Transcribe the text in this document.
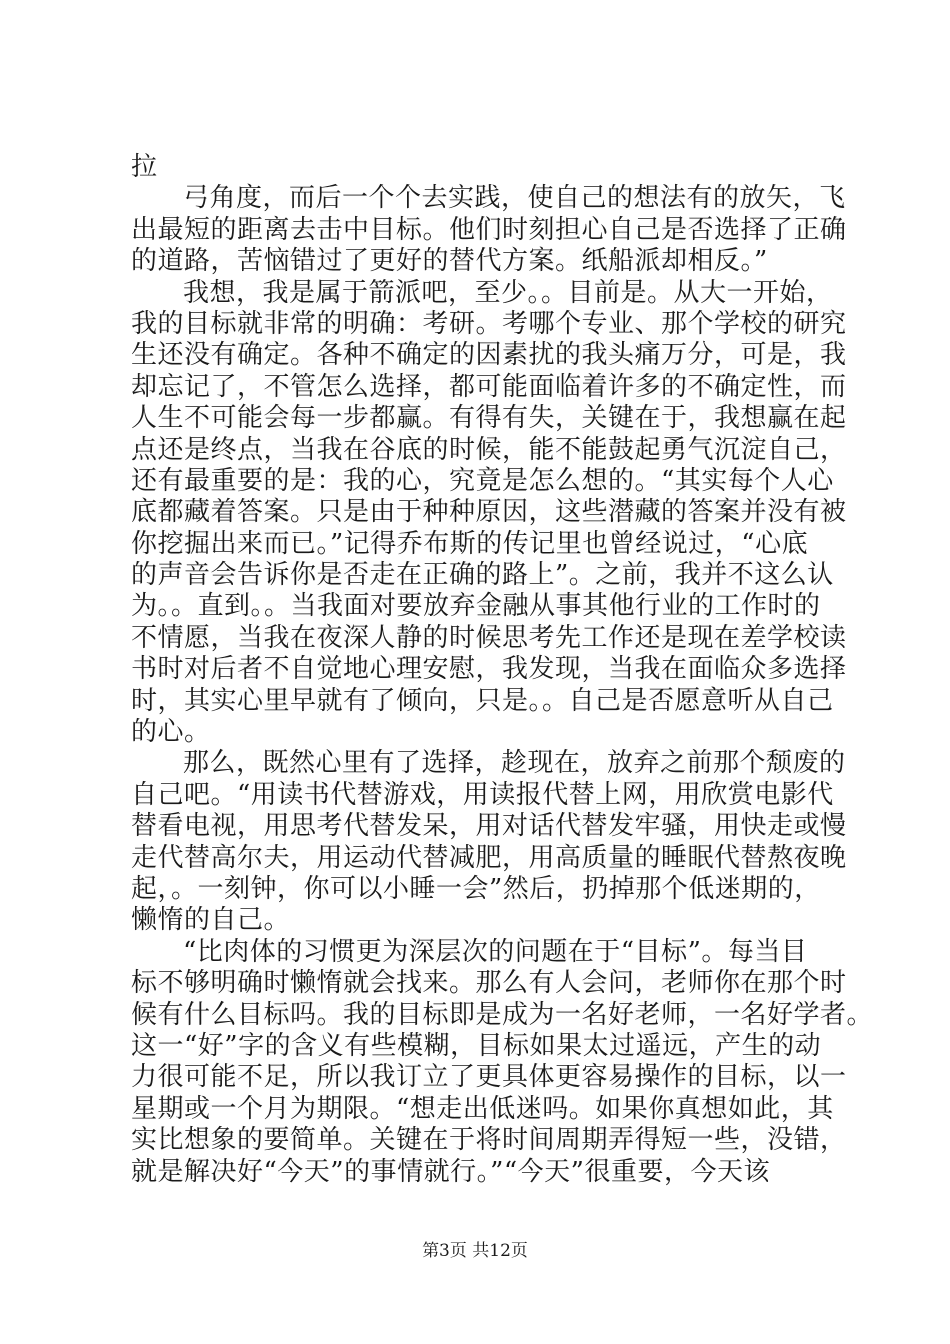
拉
弓角度，而后一个个去实践，使自己的想法有的放矢，飞
出最短的距离去击中目标。他们时刻担心自己是否选择了正确
的道路，苦恼错过了更好的替代方案。纸船派却相反。”
我想，我是属于箭派吧，至少。。目前是。从大一开始，
我的目标就非常的明确：考研。考哪个专业、那个学校的研究
生还没有确定。各种不确定的因素扰的我头痛万分，可是，我
却忘记了，不管怎么选择，都可能面临着许多的不确定性，而
人生不可能会每一步都赢。有得有失，关键在于，我想赢在起
点还是终点，当我在谷底的时候，能不能鼓起勇气沉淀自己，
还有最重要的是：我的心，究竟是怎么想的。“其实每个人心
底都藏着答案。只是由于种种原因，这些潜藏的答案并没有被
你挖掘出来而已。”记得乔布斯的传记里也曾经说过，“心底
的声音会告诉你是否走在正确的路上”。之前，我并不这么认
为。。直到。。当我面对要放弃金融从事其他行业的工作时的
不情愿，当我在夜深人静的时候思考先工作还是现在差学校读
书时对后者不自觉地心理安慰，我发现，当我在面临众多选择
时，其实心里早就有了倾向，只是。。自己是否愿意听从自己
的心。
那么，既然心里有了选择，趁现在，放弃之前那个颓废的
自己吧。“用读书代替游戏，用读报代替上网，用欣赏电影代
替看电视，用思考代替发呆，用对话代替发牢骚，用快走或慢
走代替高尔夫，用运动代替减肥，用高质量的睡眠代替熬夜晚
起，。一刻钟，你可以小睡一会”然后，扔掉那个低迷期的，
懒惰的自己。
“比肉体的习惯更为深层次的问题在于“目标”。每当目
标不够明确时懒惰就会找来。那么有人会问，老师你在那个时
候有什么目标吗。我的目标即是成为一名好老师，一名好学者。
这一“好”字的含义有些模糊，目标如果太过遥远，产生的动
力很可能不足，所以我订立了更具体更容易操作的目标，以一
星期或一个月为期限。“想走出低迷吗。如果你真想如此，其
实比想象的要简单。关键在于将时间周期弄得短一些，没错，
就是解决好“今天”的事情就行。”“今天”很重要，今天该
第3页 共12页
